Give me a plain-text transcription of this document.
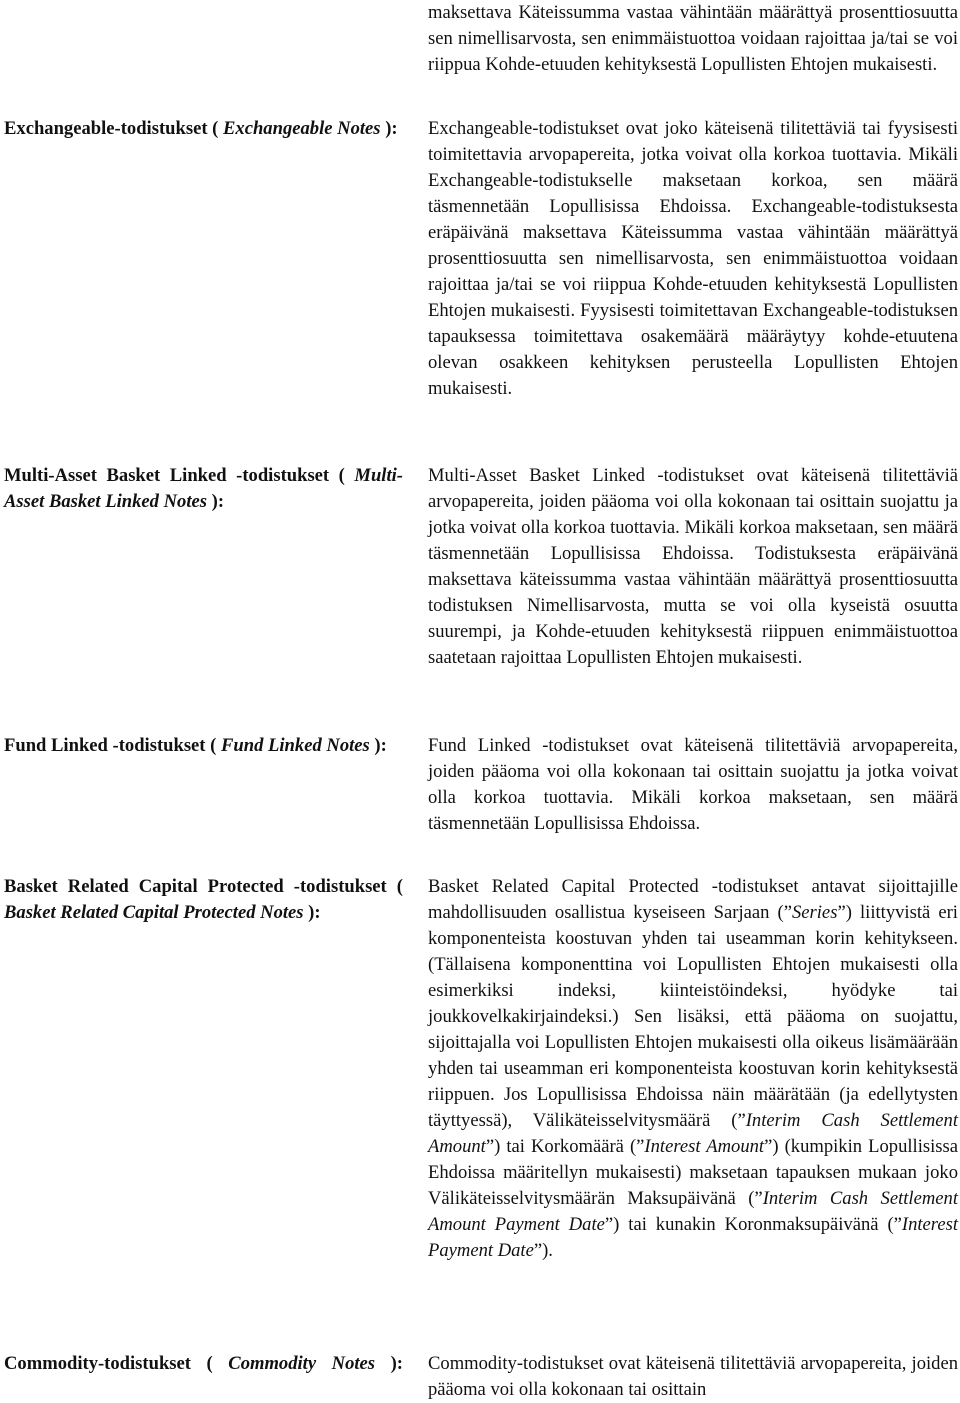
maksettava Käteissumma vastaa vähintään määrättyä prosenttiosuutta sen nimellisarvosta, sen enimmäistuottoa voidaan rajoittaa ja/tai se voi riippua Kohde-etuuden kehityksestä Lopullisten Ehtojen mukaisesti.
Exchangeable-todistukset ( Exchangeable Notes ): Exchangeable-todistukset ovat joko käteisenä tilitettäviä tai fyysisesti toimitettavia arvopapereita, jotka voivat olla korkoa tuottavia. Mikäli Exchangeable-todistukselle maksetaan korkoa, sen määrä täsmennetään Lopullisissa Ehdoissa. Exchangeable-todistuksesta eräpäivänä maksettava Käteissumma vastaa vähintään määrättyä prosenttiosuutta sen nimellisarvosta, sen enimmäistuottoa voidaan rajoittaa ja/tai se voi riippua Kohde-etuuden kehityksestä Lopullisten Ehtojen mukaisesti. Fyysisesti toimitettavan Exchangeable-todistuksen tapauksessa toimitettava osakemäärä määräytyy kohde-etuutena olevan osakkeen kehityksen perusteella Lopullisten Ehtojen mukaisesti.
Multi-Asset Basket Linked -todistukset ( Multi-Asset Basket Linked Notes ):
Multi-Asset Basket Linked -todistukset ovat käteisenä tilitettäviä arvopapereita, joiden pääoma voi olla kokonaan tai osittain suojattu ja jotka voivat olla korkoa tuottavia. Mikäli korkoa maksetaan, sen määrä täsmennetään Lopullisissa Ehdoissa. Todistuksesta eräpäivänä maksettava käteissumma vastaa vähintään määrättyä prosenttiosuutta todistuksen Nimellisarvosta, mutta se voi olla kyseistä osuutta suurempi, ja Kohde-etuuden kehityksestä riippuen enimmäistuottoa saatetaan rajoittaa Lopullisten Ehtojen mukaisesti.
Fund Linked -todistukset ( Fund Linked Notes ):	Fund Linked -todistukset ovat käteisenä tilitettäviä arvopapereita, joiden pääoma voi olla kokonaan tai osittain suojattu ja jotka voivat olla korkoa tuottavia. Mikäli korkoa maksetaan, sen määrä täsmennetään Lopullisissa Ehdoissa.
Basket Related Capital Protected -todistukset ( Basket Related Capital Protected Notes ):
Basket Related Capital Protected -todistukset antavat sijoittajille mahdollisuuden osallistua kyseiseen Sarjaan (”Series”) liittyvistä eri komponenteista koostuvan yhden tai useamman korin kehitykseen. (Tällaisena komponenttina voi Lopullisten Ehtojen mukaisesti olla esimerkiksi indeksi, kiinteistöindeksi, hyödyke tai joukkovelkakirjaindeksi.) Sen lisäksi, että pääoma on suojattu, sijoittajalla voi Lopullisten Ehtojen mukaisesti olla oikeus lisämäärään yhden tai useamman eri komponenteista koostuvan korin kehityksestä riippuen. Jos Lopullisissa Ehdoissa näin määrätään (ja edellytysten täyttyessä), Välikäteisselvitysmäärä (”Interim Cash Settlement Amount”) tai Korkomäärä (”Interest Amount”) (kumpikin Lopullisissa Ehdoissa määritellyn mukaisesti) maksetaan tapauksen mukaan joko Välikäteisselvitysmäärän Maksupäivänä (”Interim Cash Settlement Amount Payment Date”) tai kunakin Koronmaksupäivänä (”Interest Payment Date”).
Commodity-todistukset ( Commodity Notes ): Commodity-todistukset ovat käteisenä tilitettäviä arvopapereita, joiden pääoma voi olla kokonaan tai osittain
